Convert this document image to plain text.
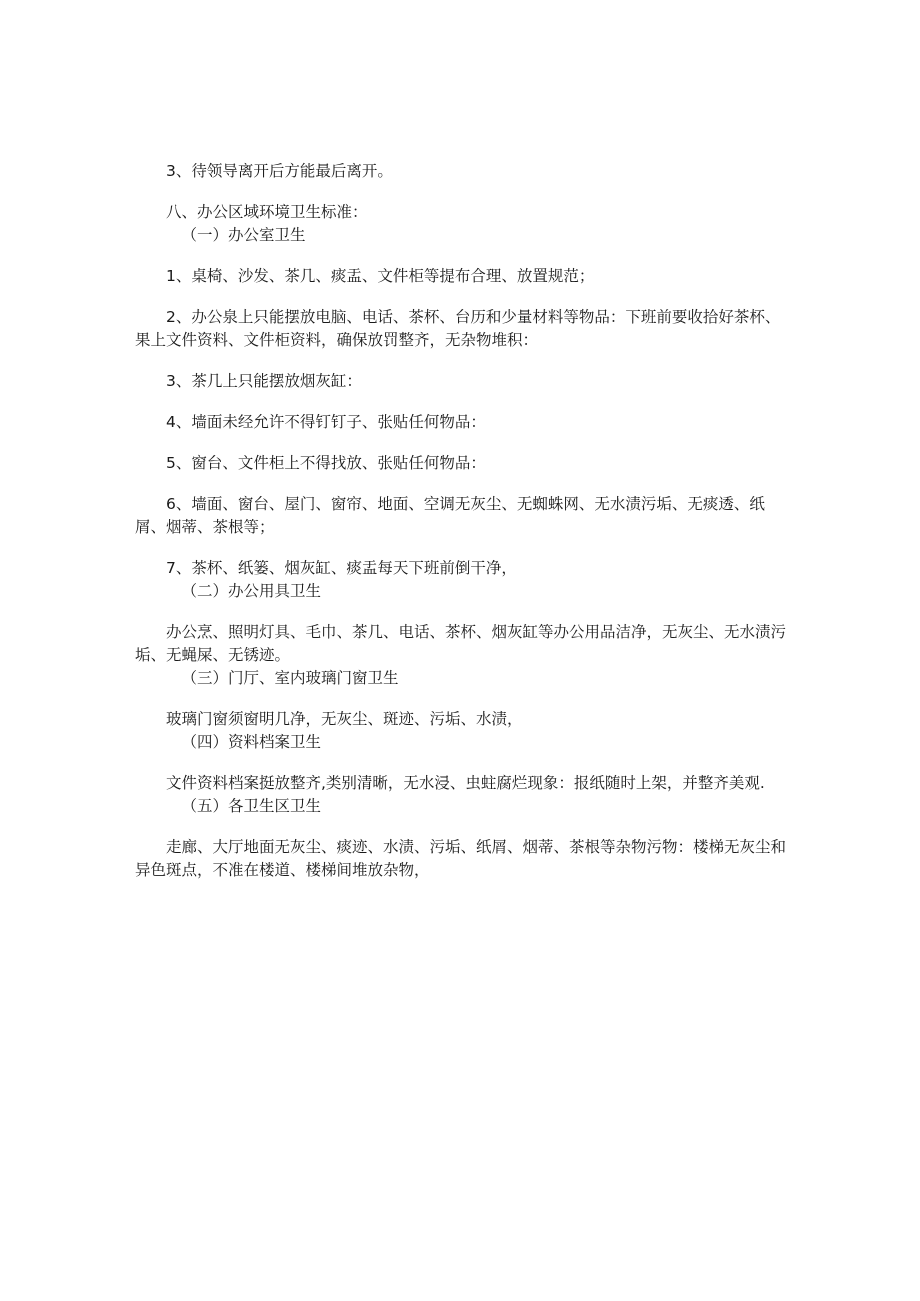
3、待领导离开后方能最后离开。

八、办公区域环境卫生标准：

（一）办公室卫生

1、桌椅、沙发、茶几、痰盂、文件柜等提布合理、放置规范；

2、办公泉上只能摆放电脑、电话、茶杯、台历和少量材料等物品：下班前要收拾好茶杯、果上文件资料、文件柜资料，确保放罚整齐，无杂物堆积：

3、茶几上只能摆放烟灰缸：

4、墙面未经允许不得钉钉子、张贴任何物品：

5、窗台、文件柜上不得找放、张贴任何物品：

6、墙面、窗台、屋门、窗帘、地面、空调无灰尘、无蜘蛛网、无水渍污垢、无痰透、纸屑、烟蒂、茶根等；

7、茶杯、纸篓、烟灰缸、痰盂每天下班前倒干净，

（二）办公用具卫生

办公烹、照明灯具、毛巾、茶几、电话、茶杯、烟灰缸等办公用品洁净，无灰尘、无水渍污垢、无蝇屎、无锈迹。

（三）门厅、室内玻璃门窗卫生

玻璃门窗须窗明几净，无灰尘、斑迹、污垢、水渍，

（四）资料档案卫生

文件资料档案挺放整齐,类别清晰，无水浸、虫蛀腐烂现象：报纸随时上架，并整齐美观.

（五）各卫生区卫生

走廊、大厅地面无灰尘、痰迹、水渍、污垢、纸屑、烟蒂、茶根等杂物污物：楼梯无灰尘和异色斑点，不准在楼道、楼梯间堆放杂物，
